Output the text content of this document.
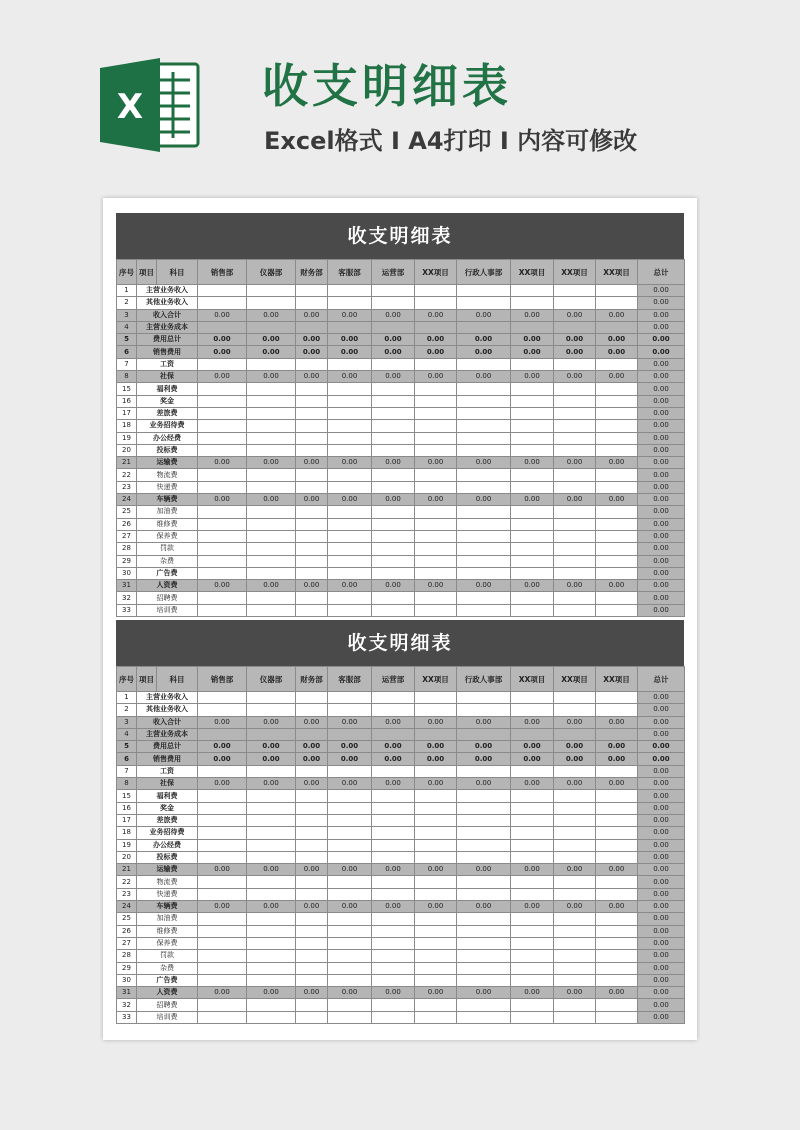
X	收支明细表
Excel格式 I A4打印 I 内容可修改
收支明细表
序号	项目	科目	销售部	仪器部	财务部	客服部	运营部	XX项目	行政人事部	XX项目	XX项目	XX项目	总计
1	主营业务收入												0.00
2	其他业务收入												0.00
3	收入合计		0.00	0.00	0.00	0.00	0.00	0.00	0.00	0.00	0.00	0.00	0.00
4	主营业务成本												0.00
5	费用总计		0.00	0.00	0.00	0.00	0.00	0.00	0.00	0.00	0.00	0.00	0.00
6	销售费用		0.00	0.00	0.00	0.00	0.00	0.00	0.00	0.00	0.00	0.00	0.00
7	工资												0.00
8	社保		0.00	0.00	0.00	0.00	0.00	0.00	0.00	0.00	0.00	0.00	0.00
15	福利费												0.00
16	奖金												0.00
17	差旅费												0.00
18	业务招待费												0.00
19	办公经费												0.00
20	投标费												0.00
21	运输费		0.00	0.00	0.00	0.00	0.00	0.00	0.00	0.00	0.00	0.00	0.00
22	物流费												0.00
23	快递费												0.00
24	车辆费		0.00	0.00	0.00	0.00	0.00	0.00	0.00	0.00	0.00	0.00	0.00
25	加油费												0.00
26	维修费												0.00
27	保养费												0.00
28	罚款												0.00
29	杂费												0.00
30	广告费												0.00
31	人资费		0.00	0.00	0.00	0.00	0.00	0.00	0.00	0.00	0.00	0.00	0.00
32	招聘费												0.00
33	培训费												0.00
收支明细表
序号	项目	科目	销售部	仪器部	财务部	客服部	运营部	XX项目	行政人事部	XX项目	XX项目	XX项目	总计
1	主营业务收入												0.00
2	其他业务收入												0.00
3	收入合计		0.00	0.00	0.00	0.00	0.00	0.00	0.00	0.00	0.00	0.00	0.00
4	主营业务成本												0.00
5	费用总计		0.00	0.00	0.00	0.00	0.00	0.00	0.00	0.00	0.00	0.00	0.00
6	销售费用		0.00	0.00	0.00	0.00	0.00	0.00	0.00	0.00	0.00	0.00	0.00
7	工资												0.00
8	社保		0.00	0.00	0.00	0.00	0.00	0.00	0.00	0.00	0.00	0.00	0.00
15	福利费												0.00
16	奖金												0.00
17	差旅费												0.00
18	业务招待费												0.00
19	办公经费												0.00
20	投标费												0.00
21	运输费		0.00	0.00	0.00	0.00	0.00	0.00	0.00	0.00	0.00	0.00	0.00
22	物流费												0.00
23	快递费												0.00
24	车辆费		0.00	0.00	0.00	0.00	0.00	0.00	0.00	0.00	0.00	0.00	0.00
25	加油费												0.00
26	维修费												0.00
27	保养费												0.00
28	罚款												0.00
29	杂费												0.00
30	广告费												0.00
31	人资费		0.00	0.00	0.00	0.00	0.00	0.00	0.00	0.00	0.00	0.00	0.00
32	招聘费												0.00
33	培训费												0.00
